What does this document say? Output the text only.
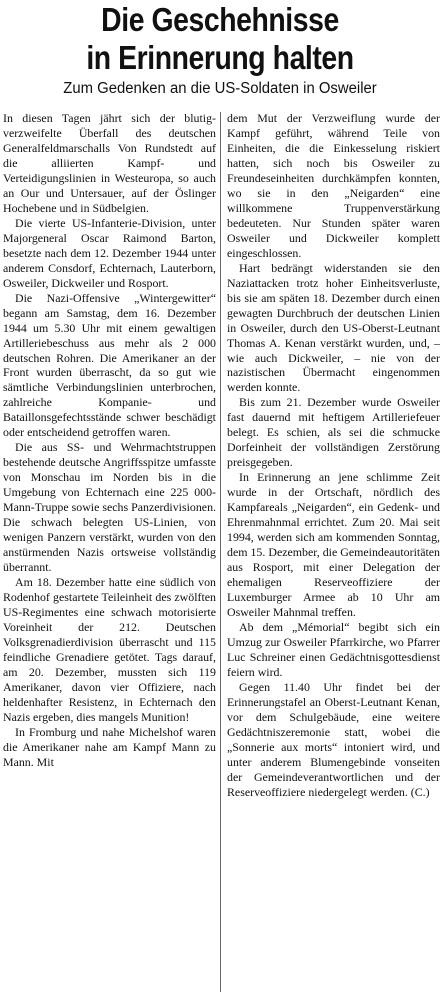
Die Geschehnisse
in Erinnerung halten
Zum Gedenken an die US-Soldaten in Osweiler

In diesen Tagen jährt sich der blutig-verzweifelte Überfall des deutschen Generalfeldmarschalls Von Rundstedt auf die alliierten Kampf- und Verteidigungslinien in Westeuropa, so auch an Our und Untersauer, auf der Öslinger Hochebene und in Südbelgien.

Die vierte US-Infanterie-Division, unter Majorgeneral Oscar Raimond Barton, besetzte nach dem 12. Dezember 1944 unter anderem Consdorf, Echternach, Lauterborn, Osweiler, Dickweiler und Rosport.

Die Nazi-Offensive „Wintergewitter“ begann am Samstag, dem 16. Dezember 1944 um 5.30 Uhr mit einem gewaltigen Artilleriebeschuss aus mehr als 2 000 deutschen Rohren. Die Amerikaner an der Front wurden überrascht, da so gut wie sämtliche Verbindungslinien unterbrochen, zahlreiche Kompanie- und Bataillonsgefechtsstände schwer beschädigt oder entscheidend getroffen waren.

Die aus SS- und Wehrmachtstruppen bestehende deutsche Angriffsspitze umfasste von Monschau im Norden bis in die Umgebung von Echternach eine 225 000-Mann-Truppe sowie sechs Panzerdivisionen. Die schwach belegten US-Linien, von wenigen Panzern verstärkt, wurden von den anstürmenden Nazis ortsweise vollständig überrannt.

Am 18. Dezember hatte eine südlich von Rodenhof gestartete Teileinheit des zwölften US-Regimentes eine schwach motorisierte Voreinheit der 212. Deutschen Volksgrenadierdivision überrascht und 115 feindliche Grenadiere getötet. Tags darauf, am 20. Dezember, mussten sich 119 Amerikaner, davon vier Offiziere, nach heldenhafter Resistenz, in Echternach den Nazis ergeben, dies mangels Munition!

In Fromburg und nahe Michelshof waren die Amerikaner nahe am Kampf Mann zu Mann. Mit

dem Mut der Verzweiflung wurde der Kampf geführt, während Teile von Einheiten, die die Einkesselung riskiert hatten, sich noch bis Osweiler zu Freundeseinheiten durchkämpfen konnten, wo sie in den „Neigarden“ eine willkommene Truppenverstärkung bedeuteten. Nur Stunden später waren Osweiler und Dickweiler komplett eingeschlossen.

Hart bedrängt widerstanden sie den Naziattacken trotz hoher Einheitsverluste, bis sie am späten 18. Dezember durch einen gewagten Durchbruch der deutschen Linien in Osweiler, durch den US-Oberst-Leutnant Thomas A. Kenan verstärkt wurden, und, – wie auch Dickweiler, – nie von der nazistischen Übermacht eingenommen werden konnte.

Bis zum 21. Dezember wurde Osweiler fast dauernd mit heftigem Artilleriefeuer belegt. Es schien, als sei die schmucke Dorfeinheit der vollständigen Zerstörung preisgegeben.

In Erinnerung an jene schlimme Zeit wurde in der Ortschaft, nördlich des Kampfareals „Neigarden“, ein Gedenk- und Ehrenmahnmal errichtet. Zum 20. Mai seit 1994, werden sich am kommenden Sonntag, dem 15. Dezember, die Gemeindeautoritäten aus Rosport, mit einer Delegation der ehemaligen Reserveoffiziere der Luxemburger Armee ab 10 Uhr am Osweiler Mahnmal treffen.

Ab dem „Mémorial“ begibt sich ein Umzug zur Osweiler Pfarrkirche, wo Pfarrer Luc Schreiner einen Gedächtnisgottesdienst feiern wird.

Gegen 11.40 Uhr findet bei der Erinnerungstafel an Oberst-Leutnant Kenan, vor dem Schulgebäude, eine weitere Gedächtniszeremonie statt, wobei die „Sonnerie aux morts“ intoniert wird, und unter anderem Blumengebinde vonseiten der Gemeindeverantwortlichen und der Reserveoffiziere niedergelegt werden. (C.)
